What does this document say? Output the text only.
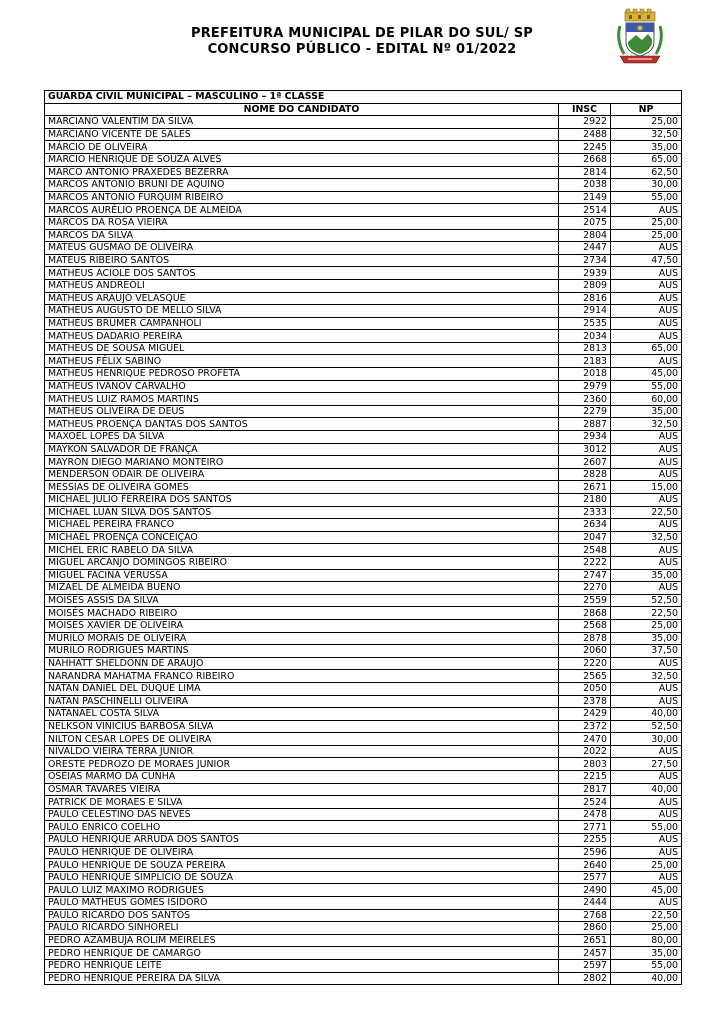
PREFEITURA MUNICIPAL DE PILAR DO SUL/ SP
CONCURSO PÚBLICO - EDITAL Nº 01/2022
GUARDA CIVIL MUNICIPAL – MASCULINO – 1ª CLASSE		
NOME DO CANDIDATO	INSC	NP
MARCIANO VALENTIM DA SILVA	2922	25,00
MARCIANO VICENTE DE SALES	2488	32,50
MÁRCIO DE OLIVEIRA	2245	35,00
MÁRCIO HENRIQUE DE SOUZA ALVES	2668	65,00
MARCO ANTONIO PRAXEDES BEZERRA	2814	62,50
MARCOS ANTONIO BRUNI DE AQUINO	2038	30,00
MARCOS ANTÔNIO FURQUIM RIBEIRO	2149	55,00
MARCOS AURÉLIO PROENÇA DE ALMEIDA	2514	AUS
MARCOS DA ROSA VIEIRA	2075	25,00
MARCOS DA SILVA	2804	25,00
MATEUS GUSMÃO DE OLIVEIRA	2447	AUS
MATEUS RIBEIRO SANTOS	2734	47,50
MATHEUS ACIOLE DOS SANTOS	2939	AUS
MATHEUS ANDREOLI	2809	AUS
MATHEUS ARAUJO VELASQUE	2816	AUS
MATHEUS AUGUSTO DE MELLO SILVA	2914	AUS
MATHEUS BRUMER CAMPANHOLI	2535	AUS
MATHEUS DADARIO PEREIRA	2034	AUS
MATHEUS DE SOUSA MIGUEL	2813	65,00
MATHEUS FÉLIX SABINO	2183	AUS
MATHEUS HENRIQUE PEDROSO PROFETA	2018	45,00
MATHEUS IVANOV CARVALHO	2979	55,00
MATHEUS LUIZ RAMOS MARTINS	2360	60,00
MATHEUS OLIVEIRA DE DEUS	2279	35,00
MATHEUS PROENÇA DANTAS DOS SANTOS	2887	32,50
MAXOEL LOPES DA SILVA	2934	AUS
MAYKON SALVADOR DE FRANÇA	3012	AUS
MAYRON DIEGO MARIANO MONTEIRO	2607	AUS
MENDERSON ODAIR DE OLIVEIRA	2828	AUS
MESSIAS DE OLIVEIRA GOMES	2671	15,00
MICHAEL JULIO FERREIRA DOS SANTOS	2180	AUS
MICHAEL LUAN SILVA DOS SANTOS	2333	22,50
MICHAEL PEREIRA FRANCO	2634	AUS
MICHAEL PROENÇA CONCEIÇÃO	2047	32,50
MICHEL ERIC RABELO DA SILVA	2548	AUS
MIGUEL ARCANJO DOMINGOS RIBEIRO	2222	AUS
MIGUEL FACINA VERUSSA	2747	35,00
MIZAEL DE ALMEIDA BUENO	2270	AUS
MOISÉS ASSIS DA SILVA	2559	52,50
MOISÉS MACHADO RIBEIRO	2868	22,50
MOISES XAVIER DE OLIVEIRA	2568	25,00
MURILO MORAIS DE OLIVEIRA	2878	35,00
MURILO RODRIGUES MARTINS	2060	37,50
NAHHATT SHELDONN DE ARAUJO	2220	AUS
NARANDRA MAHATMA FRANCO RIBEIRO	2565	32,50
NATAN DANIEL DEL DUQUE LIMA	2050	AUS
NATAN PASCHINELLI OLIVEIRA	2378	AUS
NATANAEL COSTA SILVA	2429	40,00
NELKSON VINICIUS BARBOSA SILVA	2372	52,50
NILTON CESAR LOPES DE OLIVEIRA	2470	30,00
NIVALDO VIEIRA TERRA JÚNIOR	2022	AUS
ORESTE PEDROZO DE MORAES JUNIOR	2803	27,50
OSÉIAS MARMO DA CUNHA	2215	AUS
OSMAR TAVARES VIEIRA	2817	40,00
PATRICK DE MORAES E SILVA	2524	AUS
PAULO CELESTINO DAS NEVES	2478	AUS
PAULO ENRICO COELHO	2771	55,00
PAULO HENRIQUE ARRUDA DOS SANTOS	2255	AUS
PAULO HENRIQUE DE OLIVEIRA	2596	AUS
PAULO HENRIQUE DE SOUZA PEREIRA	2640	25,00
PAULO HENRIQUE SIMPLICIO DE SOUZA	2577	AUS
PAULO LUIZ MAXIMO RODRIGUES	2490	45,00
PAULO MATHEUS GOMES ISIDORO	2444	AUS
PAULO RICARDO DOS SANTOS	2768	22,50
PAULO RICARDO SINHORELI	2860	25,00
PEDRO AZAMBUJA ROLIM MEIRELES	2651	80,00
PEDRO HENRIQUE DE CAMARGO	2457	35,00
PEDRO HENRIQUE LEITE	2597	55,00
PEDRO HENRIQUE PEREIRA DA SILVA	2802	40,00
